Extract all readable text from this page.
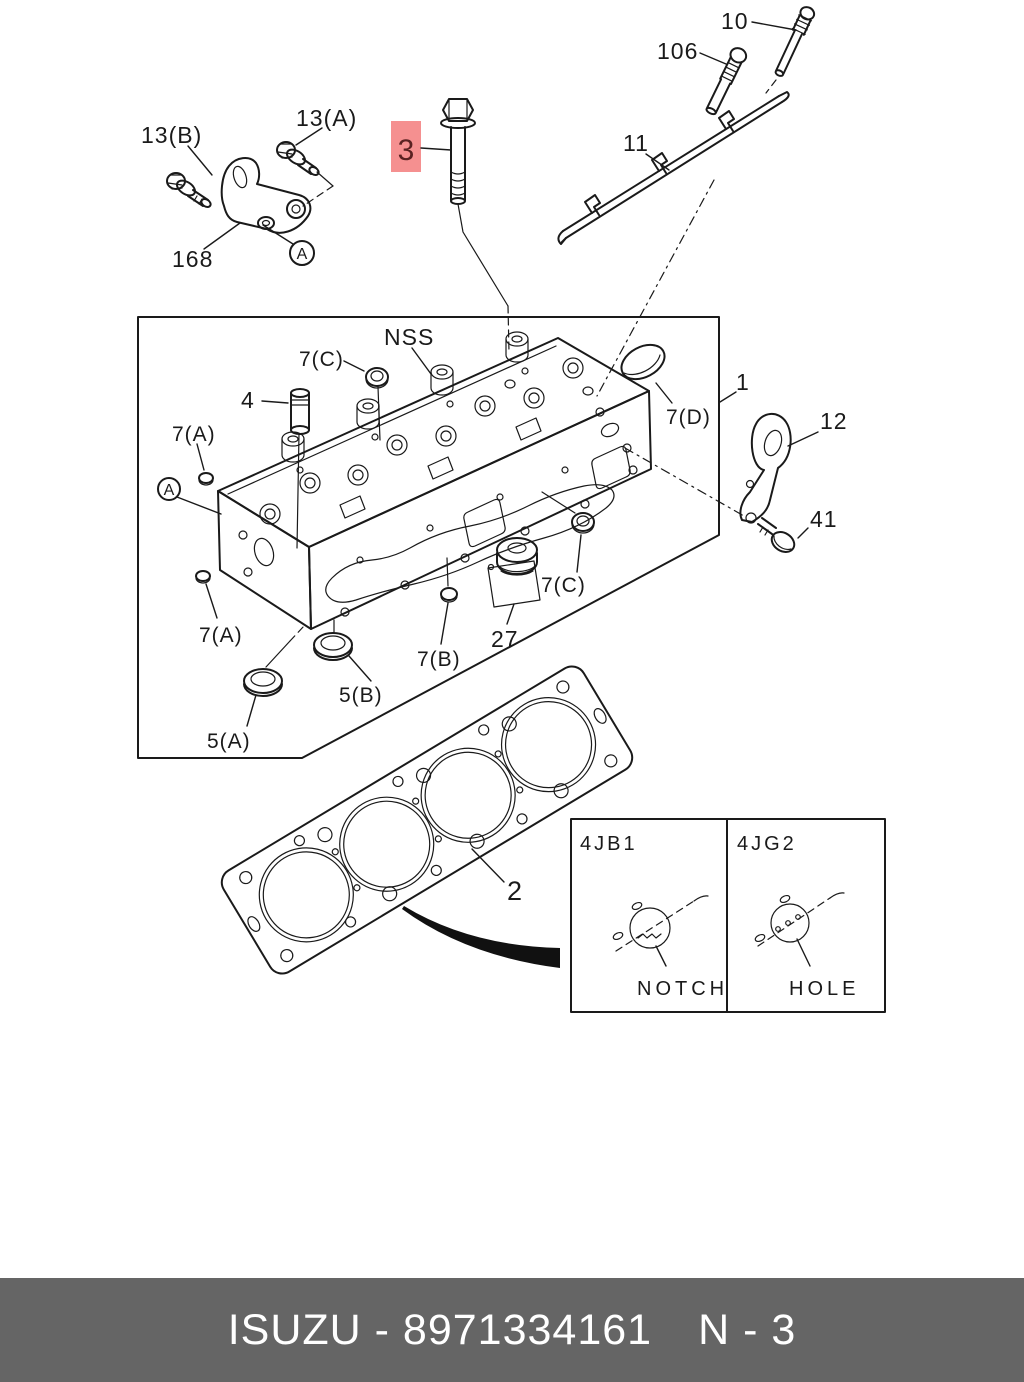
13(B)
13(A)
168	A
3
106
10
11
1
NSS
7(C)
4
7(A)
A
7(D)	12
41
7(C)
27
7(B)
7(A)
5(B)
5(A)
2
4JB1
NOTCH
4JG2
HOLE
ISUZU - 8971334161 N - 3
